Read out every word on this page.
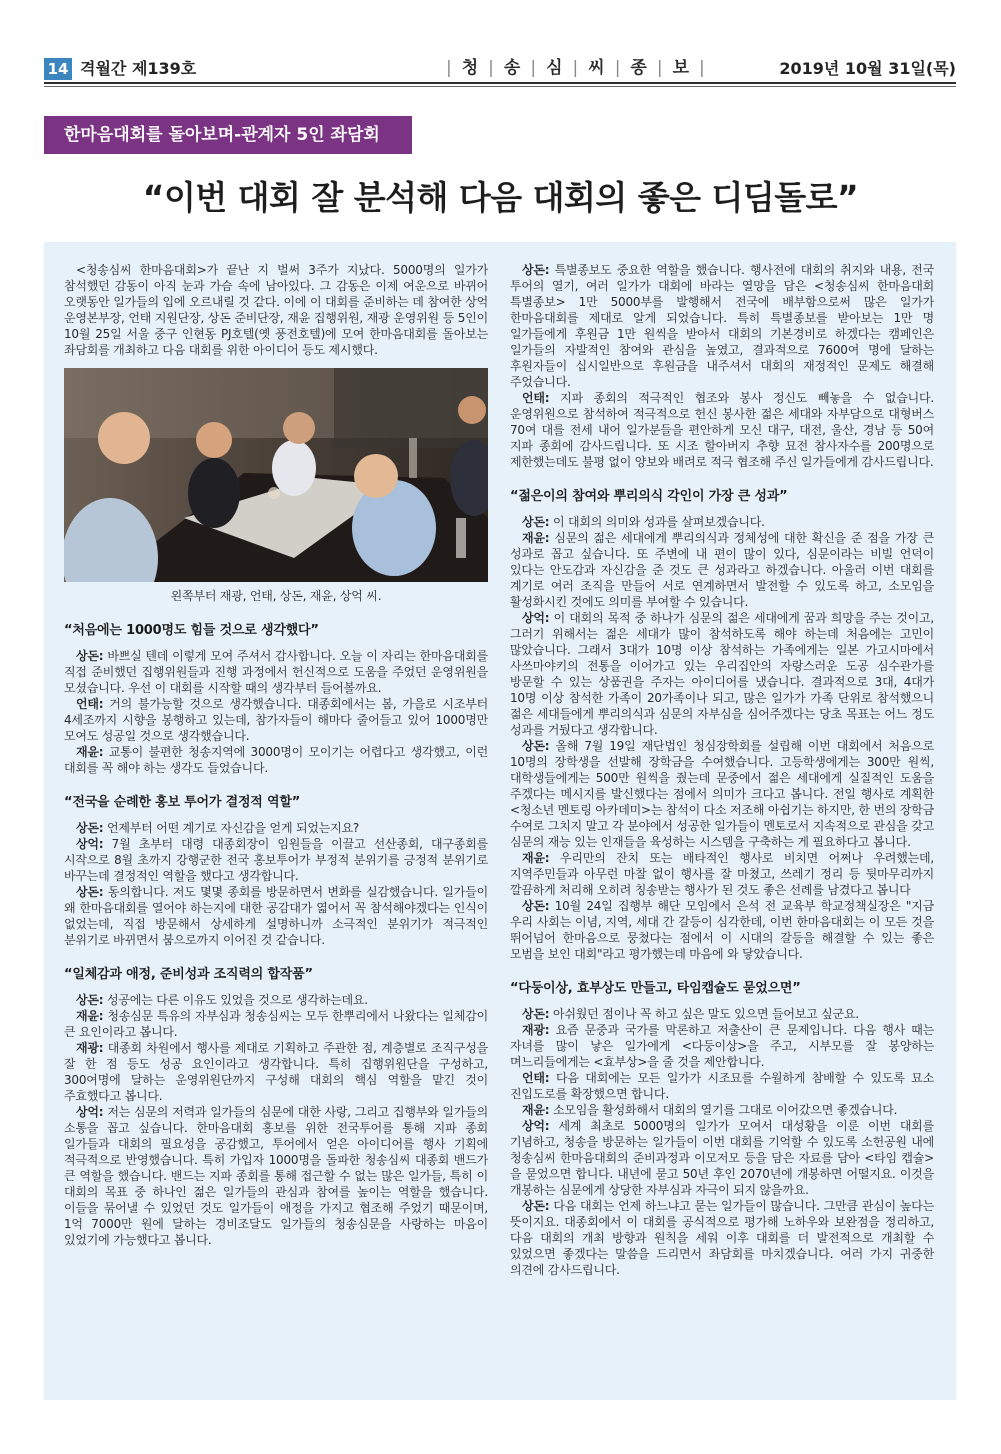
14 격월간 제139호	| 청 | 송 | 심 | 씨 | 종 | 보 |	2019년 10월 31일(목)
한마음대회를 돌아보며-관계자 5인 좌담회
“이번 대회 잘 분석해 다음 대회의 좋은 디딤돌로”

<청송심씨 한마음대회>가 끝난 지 벌써 3주가 지났다. 5000명의 일가가 참석했던 감동이 아직 눈과 가슴 속에 남아있다. 그 감동은 이제 여운으로 바뀌어 오랫동안 일가들의 입에 오르내릴 것 같다. 이에 이 대회를 준비하는 데 참여한 상억 운영본부장, 언태 지원단장, 상돈 준비단장, 재윤 집행위원, 재광 운영위원 등 5인이 10월 25일 서울 중구 인현동 PJ호텔(옛 풍전호텔)에 모여 한마음대회를 돌아보는 좌담회를 개최하고 다음 대회를 위한 아이디어 등도 제시했다.

왼쪽부터 재광, 언태, 상돈, 재윤, 상억 씨.

“처음에는 1000명도 힘들 것으로 생각했다”

상돈: 바쁘실 텐데 이렇게 모여 주셔서 감사합니다. 오늘 이 자리는 한마음대회를 직접 준비했던 집행위원들과 진행 과정에서 헌신적으로 도움을 주었던 운영위원을 모셨습니다. 우선 이 대회를 시작할 때의 생각부터 들어볼까요.

언태: 거의 불가능할 것으로 생각했습니다. 대종회에서는 봄, 가을로 시조부터 4세조까지 시향을 봉행하고 있는데, 참가자들이 해마다 줄어들고 있어 1000명만 모여도 성공일 것으로 생각했습니다.

재윤: 교통이 불편한 청송지역에 3000명이 모이기는 어렵다고 생각했고, 이런 대회를 꼭 해야 하는 생각도 들었습니다.

“전국을 순례한 홍보 투어가 결정적 역할”

상돈: 언제부터 어떤 계기로 자신감을 얻게 되었는지요?

상억: 7월 초부터 대령 대종회장이 임원들을 이끌고 선산종회, 대구종회를 시작으로 8월 초까지 강행군한 전국 홍보투어가 부정적 분위기를 긍정적 분위기로 바꾸는데 결정적인 역할을 했다고 생각합니다.

상돈: 동의합니다. 저도 몇몇 종회를 방문하면서 변화를 실감했습니다. 일가들이 왜 한마음대회를 열어야 하는지에 대한 공감대가 엷어서 꼭 참석해야겠다는 인식이 없었는데, 직접 방문해서 상세하게 설명하니까 소극적인 분위기가 적극적인 분위기로 바뀌면서 붐으로까지 이어진 것 같습니다.

“일체감과 애정, 준비성과 조직력의 합작품”

상돈: 성공에는 다른 이유도 있었을 것으로 생각하는데요.

재윤: 청송심문 특유의 자부심과 청송심씨는 모두 한뿌리에서 나왔다는 일체감이 큰 요인이라고 봅니다.

재광: 대종회 차원에서 행사를 제대로 기획하고 주관한 점, 계층별로 조직구성을 잘 한 점 등도 성공 요인이라고 생각합니다. 특히 집행위원단을 구성하고, 300여명에 달하는 운영위원단까지 구성해 대회의 핵심 역할을 맡긴 것이 주효했다고 봅니다.

상억: 저는 심문의 저력과 일가들의 심문에 대한 사랑, 그리고 집행부와 일가들의 소통을 꼽고 싶습니다. 한마음대회 홍보를 위한 전국투어를 통해 지파 종회 일가들과 대회의 필요성을 공감했고, 투어에서 얻은 아이디어를 행사 기획에 적극적으로 반영했습니다. 특히 가입자 1000명을 돌파한 청송심씨 대종회 밴드가 큰 역할을 했습니다. 밴드는 지파 종회를 통해 접근할 수 없는 많은 일가들, 특히 이 대회의 목표 중 하나인 젊은 일가들의 관심과 참여를 높이는 역할을 했습니다. 이들을 묶어낼 수 있었던 것도 일가들이 애정을 가지고 협조해 주었기 때문이며, 1억 7000만 원에 달하는 경비조달도 일가들의 청송심문을 사랑하는 마음이 있었기에 가능했다고 봅니다.

상돈: 특별종보도 중요한 역할을 했습니다. 행사전에 대회의 취지와 내용, 전국 투어의 열기, 여러 일가가 대회에 바라는 열망을 담은 <청송심씨 한마음대회 특별종보> 1만 5000부를 발행해서 전국에 배부함으로써 많은 일가가 한마음대회를 제대로 알게 되었습니다. 특히 특별종보를 받아보는 1만 명 일가들에게 후원금 1만 원씩을 받아서 대회의 기본경비로 하겠다는 캠페인은 일가들의 자발적인 참여와 관심을 높였고, 결과적으로 7600여 명에 달하는 후원자들이 십시일반으로 후원금을 내주셔서 대회의 재정적인 문제도 해결해 주었습니다.

언태: 지파 종회의 적극적인 협조와 봉사 정신도 빼놓을 수 없습니다. 운영위원으로 참석하여 적극적으로 헌신 봉사한 젊은 세대와 자부담으로 대형버스 70여 대를 전세 내어 일가분들을 편안하게 모신 대구, 대전, 울산, 경남 등 50여 지파 종회에 감사드립니다. 또 시조 할아버지 추향 묘전 참사자수를 200명으로 제한했는데도 불평 없이 양보와 배려로 적극 협조해 주신 일가들에게 감사드립니다.

“젊은이의 참여와 뿌리의식 각인이 가장 큰 성과”

상돈: 이 대회의 의미와 성과를 살펴보겠습니다.

재윤: 심문의 젊은 세대에게 뿌리의식과 정체성에 대한 확신을 준 점을 가장 큰 성과로 꼽고 싶습니다. 또 주변에 내 편이 많이 있다, 심문이라는 비빌 언덕이 있다는 안도감과 자신감을 준 것도 큰 성과라고 하겠습니다. 아울러 이번 대회를 계기로 여러 조직을 만들어 서로 연계하면서 발전할 수 있도록 하고, 소모임을 활성화시킨 것에도 의미를 부여할 수 있습니다.

상억: 이 대회의 목적 중 하나가 심문의 젊은 세대에게 꿈과 희망을 주는 것이고, 그러기 위해서는 젊은 세대가 많이 참석하도록 해야 하는데 처음에는 고민이 많았습니다. 그래서 3대가 10명 이상 참석하는 가족에게는 일본 가고시마에서 사쓰마야키의 전통을 이어가고 있는 우리집안의 자랑스러운 도공 심수관가를 방문할 수 있는 상품권을 주자는 아이디어를 냈습니다. 결과적으로 3대, 4대가 10명 이상 참석한 가족이 20가족이나 되고, 많은 일가가 가족 단위로 참석했으니 젊은 세대들에게 뿌리의식과 심문의 자부심을 심어주겠다는 당초 목표는 어느 정도 성과를 거뒀다고 생각합니다.

상돈: 올해 7월 19일 재단법인 청심장학회를 설립해 이번 대회에서 처음으로 10명의 장학생을 선발해 장학금을 수여했습니다. 고등학생에게는 300만 원씩, 대학생들에게는 500만 원씩을 줬는데 문중에서 젊은 세대에게 실질적인 도움을 주겠다는 메시지를 발신했다는 점에서 의미가 크다고 봅니다. 전일 행사로 계획한 <청소년 멘토링 아카데미>는 참석이 다소 저조해 아쉽기는 하지만, 한 번의 장학금 수여로 그치지 말고 각 분야에서 성공한 일가들이 멘토로서 지속적으로 관심을 갖고 심문의 재능 있는 인재들을 육성하는 시스템을 구축하는 게 필요하다고 봅니다.

재윤: 우리만의 잔치 또는 배타적인 행사로 비치면 어쩌나 우려했는데, 지역주민들과 아무런 마찰 없이 행사를 잘 마쳤고, 쓰레기 정리 등 뒷마무리까지 깔끔하게 처리해 오히려 칭송받는 행사가 된 것도 좋은 선례를 남겼다고 봅니다

상돈: 10월 24일 집행부 해단 모임에서 은석 전 교육부 학교정책실장은 "지금 우리 사회는 이념, 지역, 세대 간 갈등이 심각한데, 이번 한마음대회는 이 모든 것을 뛰어넘어 한마음으로 뭉쳤다는 점에서 이 시대의 갈등을 해결할 수 있는 좋은 모범을 보인 대회"라고 평가했는데 마음에 와 닿았습니다.

“다둥이상, 효부상도 만들고, 타임캡슐도 묻었으면”

상돈: 아쉬웠던 점이나 꼭 하고 싶은 말도 있으면 들어보고 싶군요.

재광: 요즘 문중과 국가를 막론하고 저출산이 큰 문제입니다. 다음 행사 때는 자녀를 많이 낳은 일가에게 <다둥이상>을 주고, 시부모를 잘 봉양하는 며느리들에게는 <효부상>을 줄 것을 제안합니다.

언태: 다음 대회에는 모든 일가가 시조묘를 수월하게 참배할 수 있도록 묘소 진입도로를 확장했으면 합니다.

재윤: 소모임을 활성화해서 대회의 열기를 그대로 이어갔으면 좋겠습니다.

상억: 세계 최초로 5000명의 일가가 모여서 대성황을 이룬 이번 대회를 기념하고, 청송을 방문하는 일가들이 이번 대회를 기억할 수 있도록 소헌공원 내에 청송심씨 한마음대회의 준비과정과 이모저모 등을 담은 자료를 담아 <타임 캡슐>을 묻었으면 합니다. 내년에 묻고 50년 후인 2070년에 개봉하면 어떨지요. 이것을 개봉하는 심문에게 상당한 자부심과 자극이 되지 않을까요.

상돈: 다음 대회는 언제 하느냐고 묻는 일가들이 많습니다. 그만큼 관심이 높다는 뜻이지요. 대종회에서 이 대회를 공식적으로 평가해 노하우와 보완점을 정리하고, 다음 대회의 개최 방향과 원칙을 세워 이후 대회를 더 발전적으로 개최할 수 있었으면 좋겠다는 말씀을 드리면서 좌담회를 마치겠습니다. 여러 가지 귀중한 의견에 감사드립니다.
